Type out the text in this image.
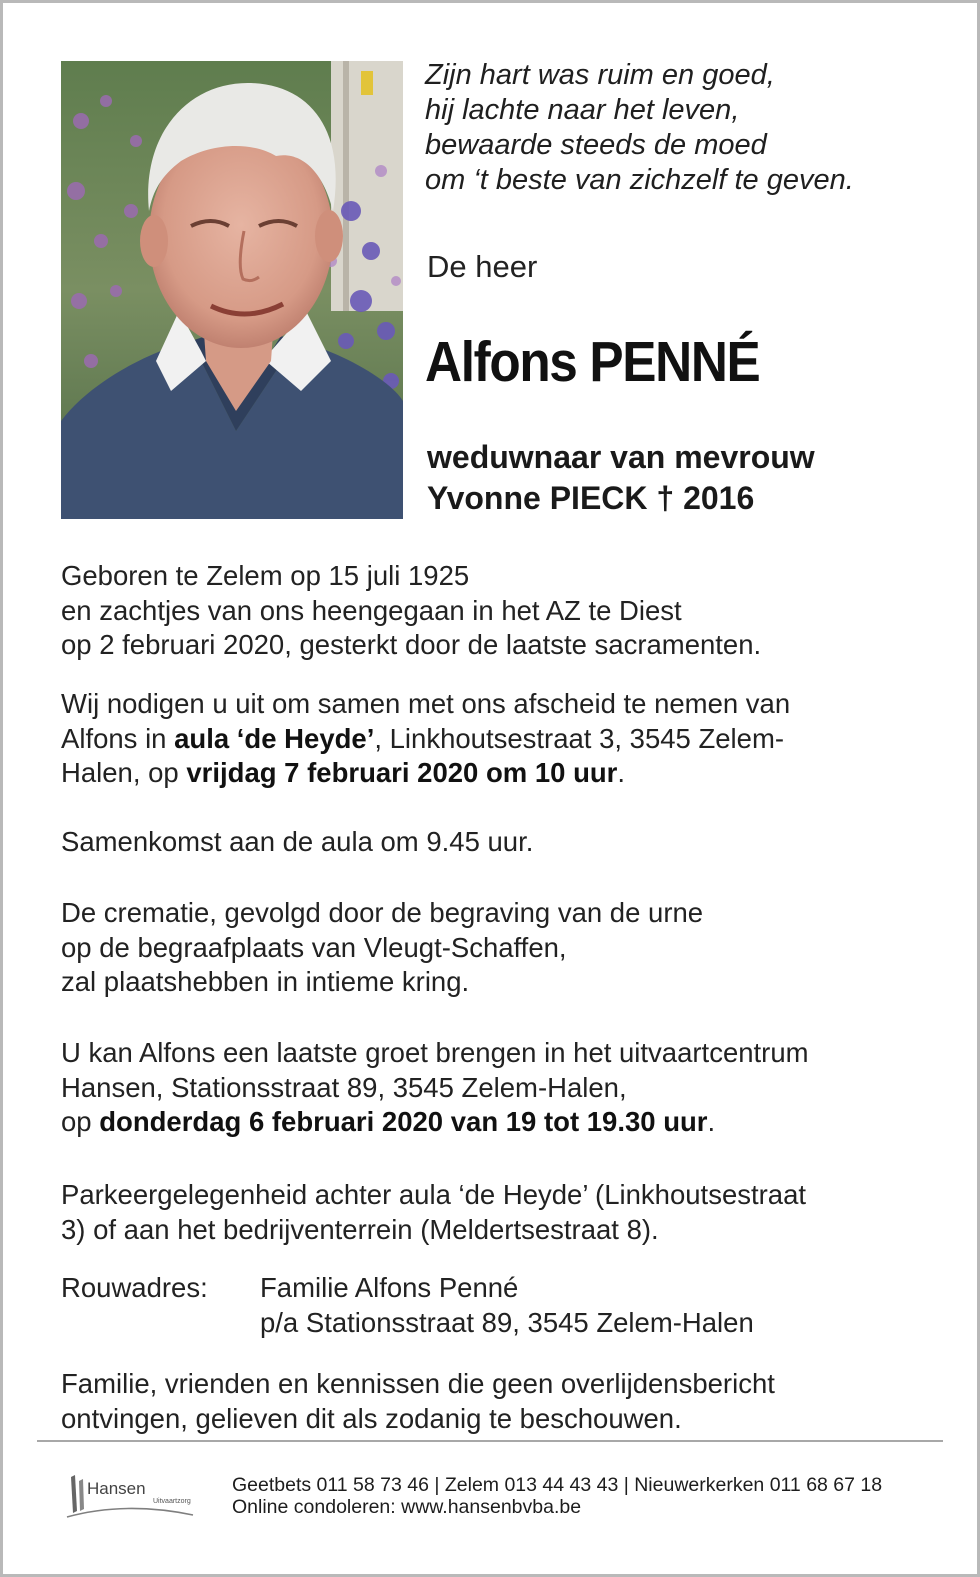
Zijn hart was ruim en goed,
hij lachte naar het leven,
bewaarde steeds de moed
om ‘t beste van zichzelf te geven.
De heer
Alfons PENNÉ
weduwnaar van mevrouw
Yvonne PIECK † 2016
Geboren te Zelem op 15 juli 1925
en zachtjes van ons heengegaan in het AZ te Diest
op 2 februari 2020, gesterkt door de laatste sacramenten.
Wij nodigen u uit om samen met ons afscheid te nemen van
Alfons in aula ‘de Heyde’, Linkhoutsestraat 3, 3545 Zelem-
Halen, op vrijdag 7 februari 2020 om 10 uur.
Samenkomst aan de aula om 9.45 uur.
De crematie, gevolgd door de begraving van de urne
op de begraafplaats van Vleugt-Schaffen,
zal plaatshebben in intieme kring.
U kan Alfons een laatste groet brengen in het uitvaartcentrum
Hansen, Stationsstraat 89, 3545 Zelem-Halen,
op donderdag 6 februari 2020 van 19 tot 19.30 uur.
Parkeergelegenheid achter aula ‘de Heyde’ (Linkhoutsestraat
3) of aan het bedrijventerrein (Meldertsestraat 8).
Rouwadres: Familie Alfons Penné
p/a Stationsstraat 89, 3545 Zelem-Halen
Familie, vrienden en kennissen die geen overlijdensbericht
ontvingen, gelieven dit als zodanig te beschouwen.
Hansen
Uitvaartzorg
Geetbets 011 58 73 46 | Zelem 013 44 43 43 | Nieuwerkerken 011 68 67 18
Online condoleren: www.hansenbvba.be
